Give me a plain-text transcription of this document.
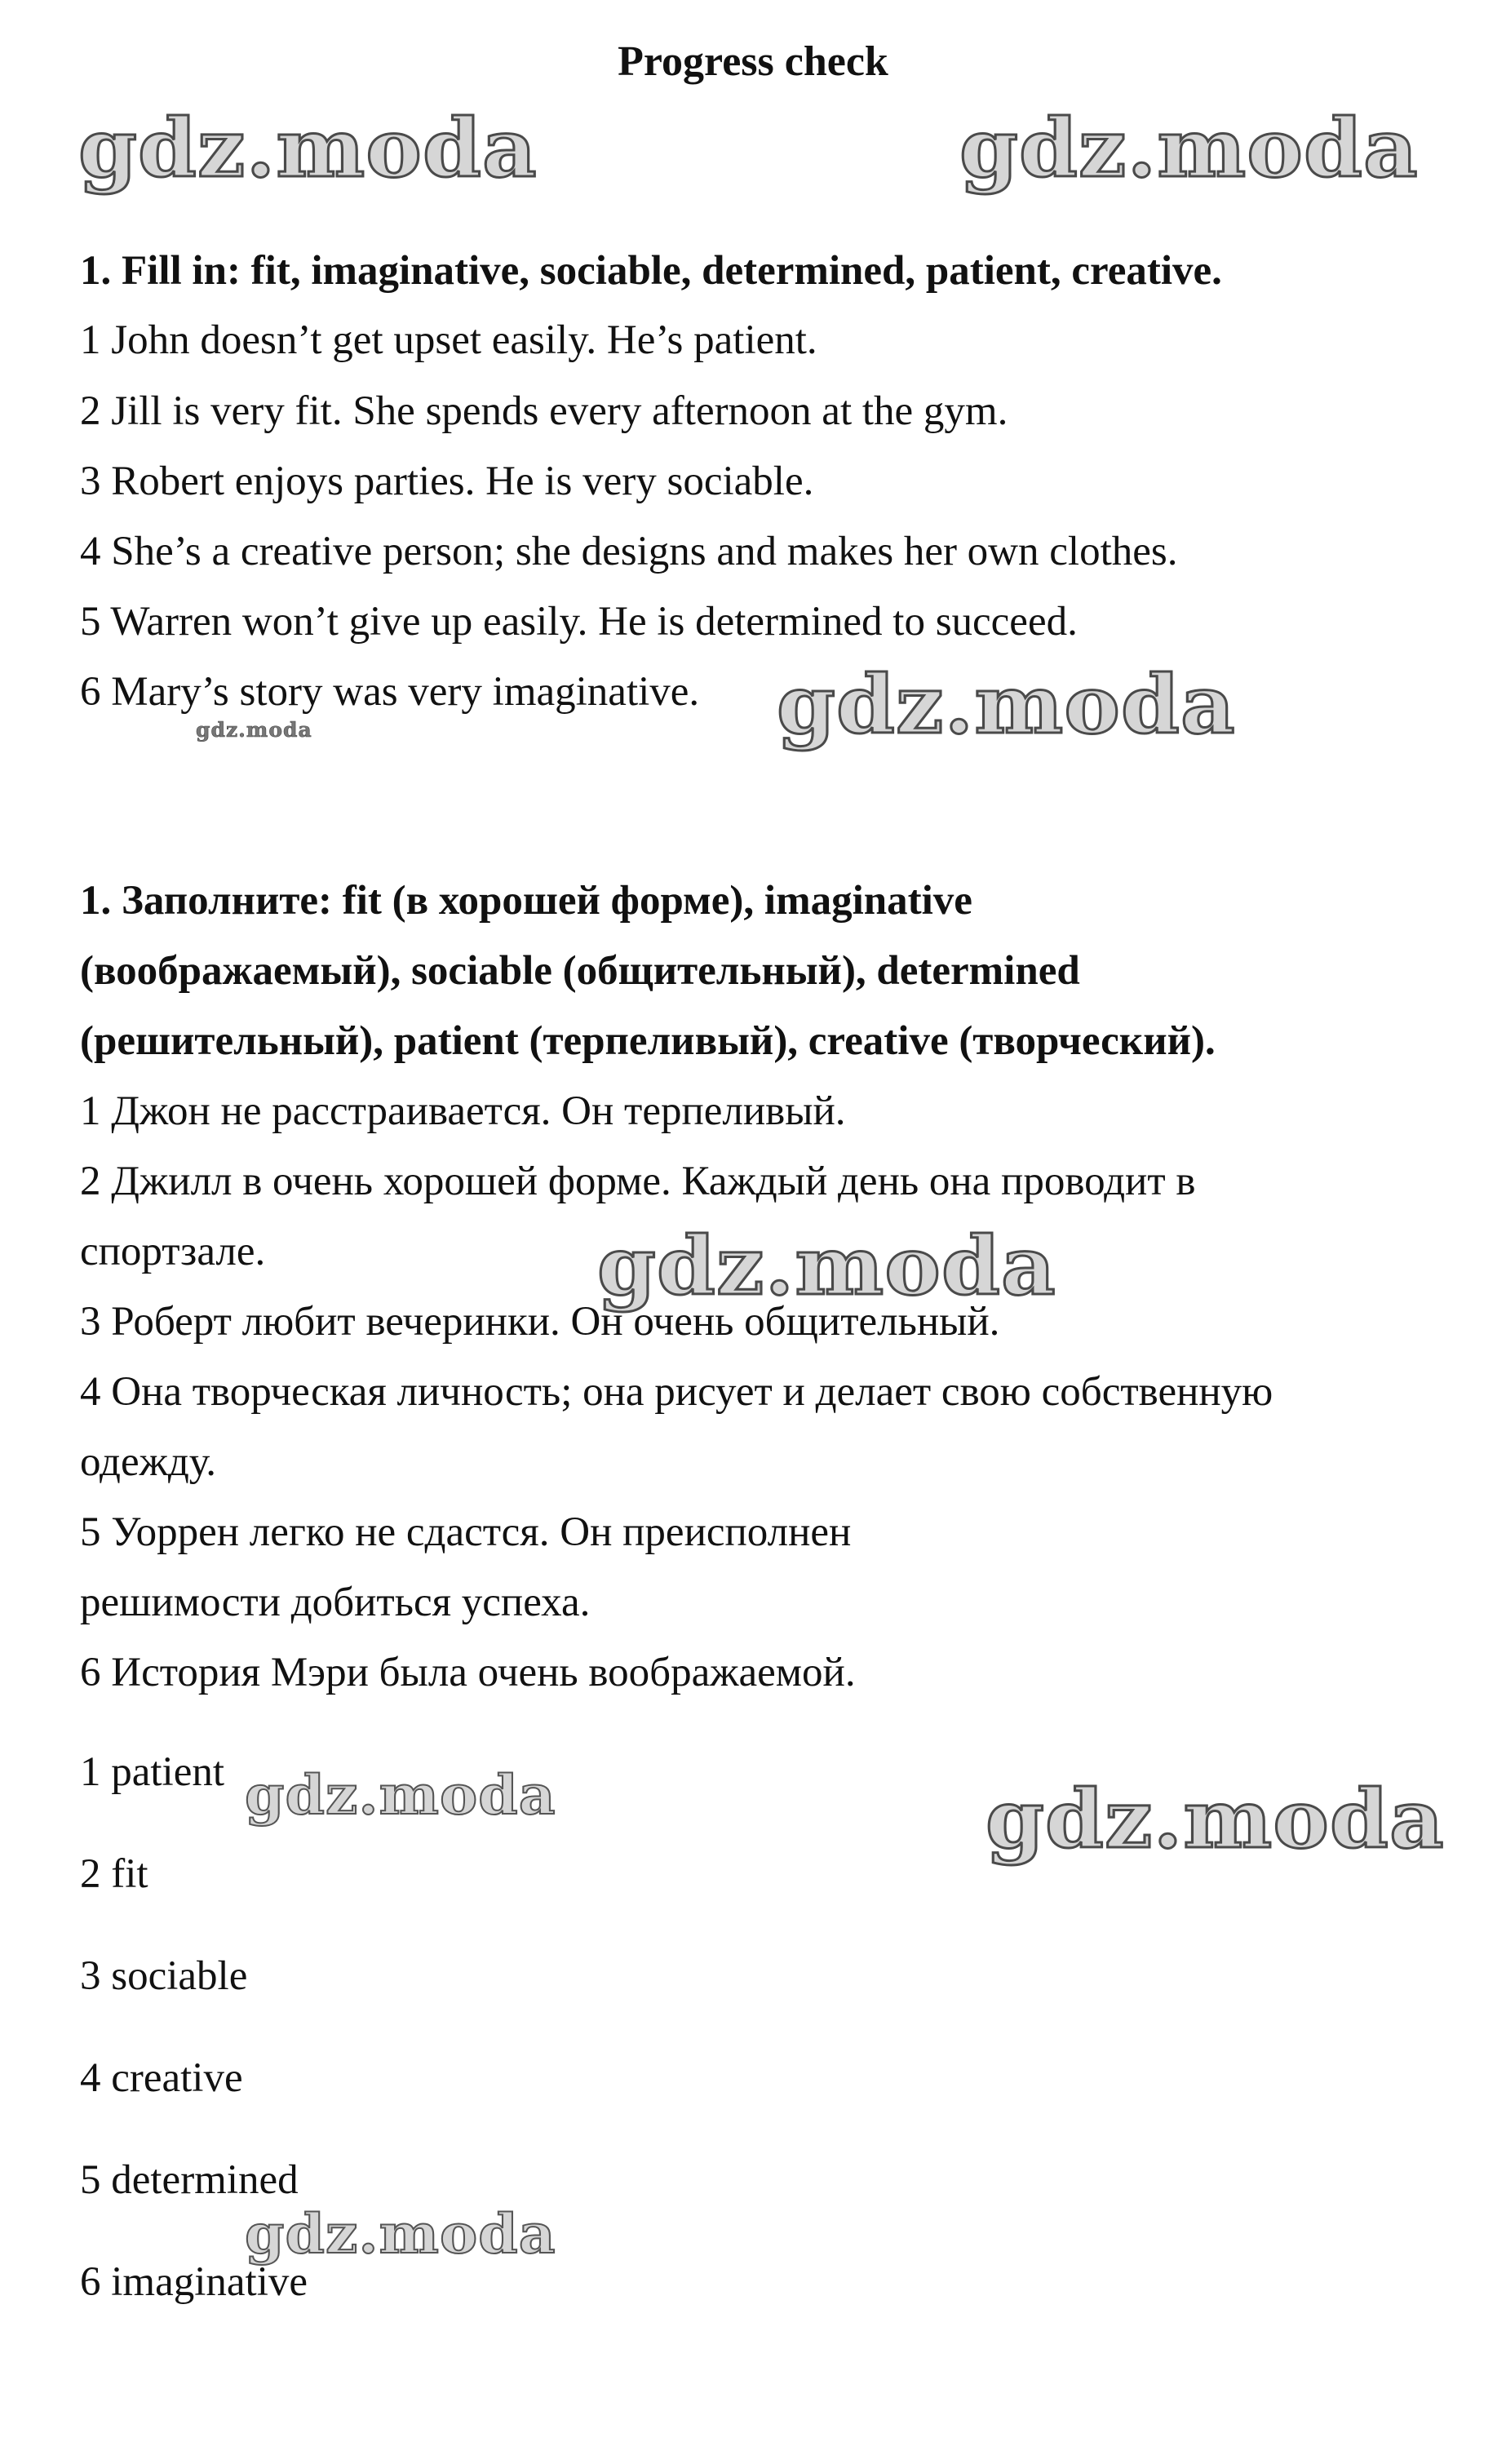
Progress check
gdz.moda	gdz.moda
gdz.moda
gdz.moda
gdz.moda
gdz.moda	gdz.moda
gdz.moda
1. Fill in: fit, imaginative, sociable, determined, patient, creative.
1 John doesn’t get upset easily. He’s patient.
2 Jill is very fit. She spends every afternoon at the gym.
3 Robert enjoys parties. He is very sociable.
4 She’s a creative person; she designs and makes her own clothes.
5 Warren won’t give up easily. He is determined to succeed.
6 Mary’s story was very imaginative.
1. Заполните: fit (в хорошей форме), imaginative
(воображаемый), sociable (общительный), determined
(решительный), patient (терпеливый), creative (творческий).
1 Джон не расстраивается. Он терпеливый.
2 Джилл в очень хорошей форме. Каждый день она проводит в
спортзале.
3 Роберт любит вечеринки. Он очень общительный.
4 Она творческая личность; она рисует и делает свою собственную
одежду.
5 Уоррен легко не сдастся. Он преисполнен
решимости добиться успеха.
6 История Мэри была очень воображаемой.
1 patient
2 fit
3 sociable
4 creative
5 determined
6 imaginative
